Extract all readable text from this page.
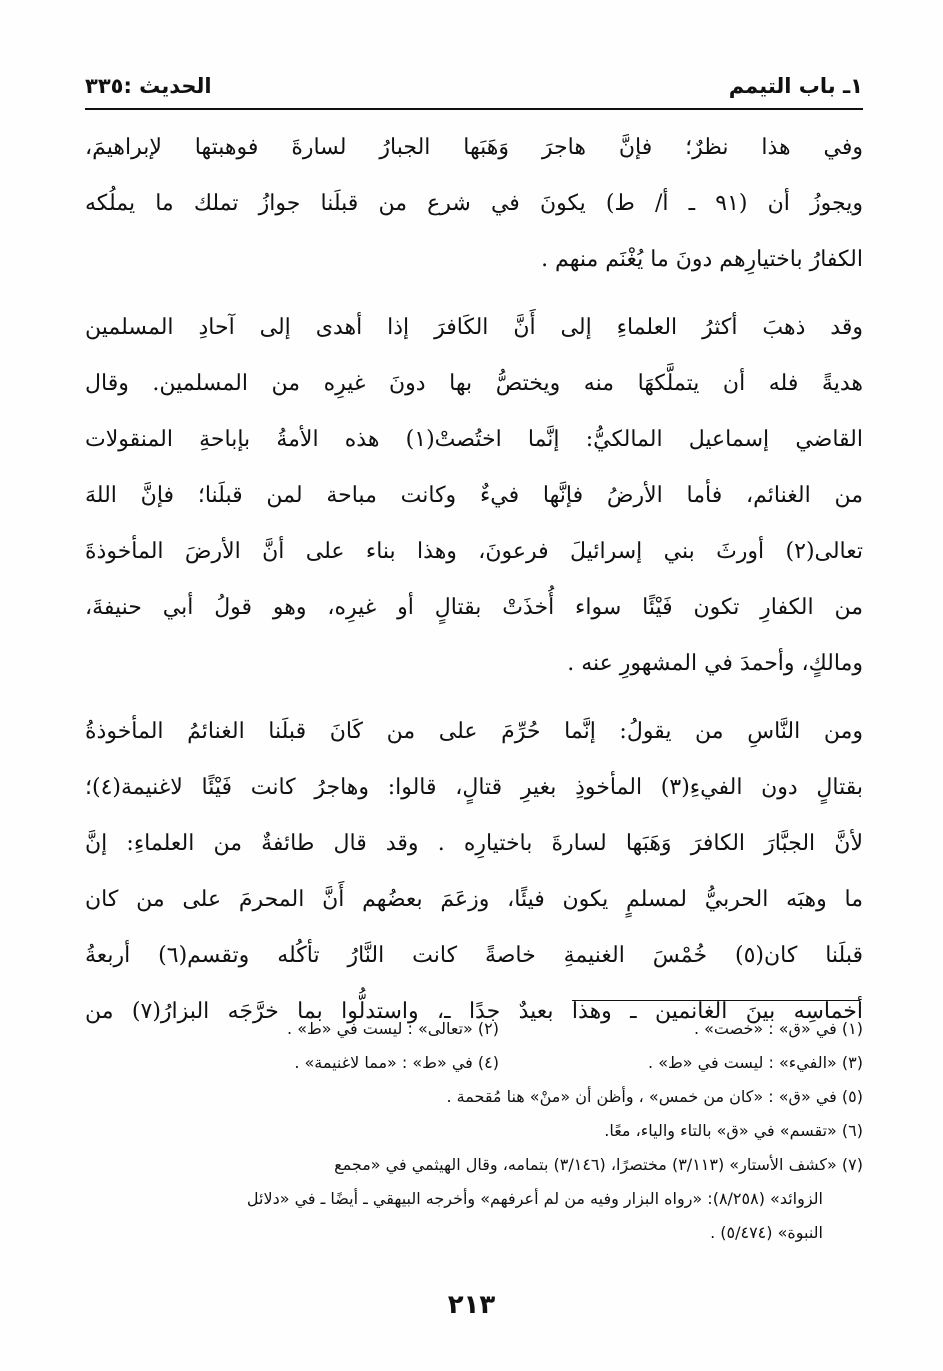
١ـ باب التيمم
الحديث :٣٣٥
وفي هذا نظرٌ؛ فإنَّ هاجرَ وَهَبَها الجبارُ لسارةَ فوهبتها لإبراهيمَ،
ويجوزُ أن (٩١ ـ أ/ ط) يكونَ في شرع من قبلَنا جوازُ تملك ما يملُكه
الكفارُ باختيارِهم دونَ ما يُغْنَم منهم .
وقد ذهبَ أكثرُ العلماءِ إلى أَنَّ الكَافرَ إذا أهدى إلى آحادِ المسلمين
هديةً فله أن يتملَّكهَا منه ويختصُّ بها دونَ غيرِه من المسلمين. وقال
القاضي إسماعيل المالكيُّ: إنَّما اختُصتْ(١) هذه الأمةُ بإباحةِ المنقولات
من الغنائم، فأما الأرضُ فإنَّها فيءٌ وكانت مباحة لمن قبلَنا؛ فإنَّ اللهَ
تعالى(٢) أورثَ بني إسرائيلَ فرعونَ، وهذا بناء على أنَّ الأرضَ المأخوذةَ
من الكفارِ تكون فَيْئًا سواء أُخذَتْ بقتالٍ أو غيرِه، وهو قولُ أبي حنيفةَ،
ومالكٍ، وأحمدَ في المشهورِ عنه .
ومن النَّاسِ من يقولُ: إنَّما حُرِّمَ على من كَانَ قبلَنا الغنائمُ المأخوذةُ
بقتالٍ دون الفيءِ(٣) المأخوذِ بغيرِ قتالٍ، قالوا: وهاجرُ كانت فَيْئًا لاغنيمة(٤)؛
لأنَّ الجبَّارَ الكافرَ وَهَبَها لسارةَ باختيارِه . وقد قال طائفةٌ من العلماءِ: إنَّ
ما وهبَه الحربيُّ لمسلمٍ يكون فيئًا، وزعَمَ بعضُهم أَنَّ المحرمَ على من كان
قبلَنا كان(٥) خُمْسَ الغنيمةِ خاصةً كانت النَّارُ تأكُله وتقسم(٦) أربعةُ
أخماسِه بينَ الغانمين ـ وهذا بعيدٌ جدًا ـ، واستدلُّوا بما خرَّجَه البزارُ(٧) من
(١) في «ق» : «خصت» .
(٢) «تعالى» : ليست في «ط» .
(٣) «الفيء» : ليست في «ط» .
(٤) في «ط» : «مما لاغنيمة» .
(٥) في «ق» : «كان من خمس» ، وأظن أن «منْ» هنا مُقحمة .
(٦) «تقسم» في «ق» بالتاء والياء، معًا.
(٧) «كشف الأستار» (٣/١١٣) مختصرًا، (٣/١٤٦) بتمامه، وقال الهيثمي في «مجمع
الزوائد» (٨/٢٥٨): «رواه البزار وفيه من لم أعرفهم» وأخرجه البيهقي ـ أيضًا ـ في «دلائل
النبوة» (٥/٤٧٤) .
٢١٣
